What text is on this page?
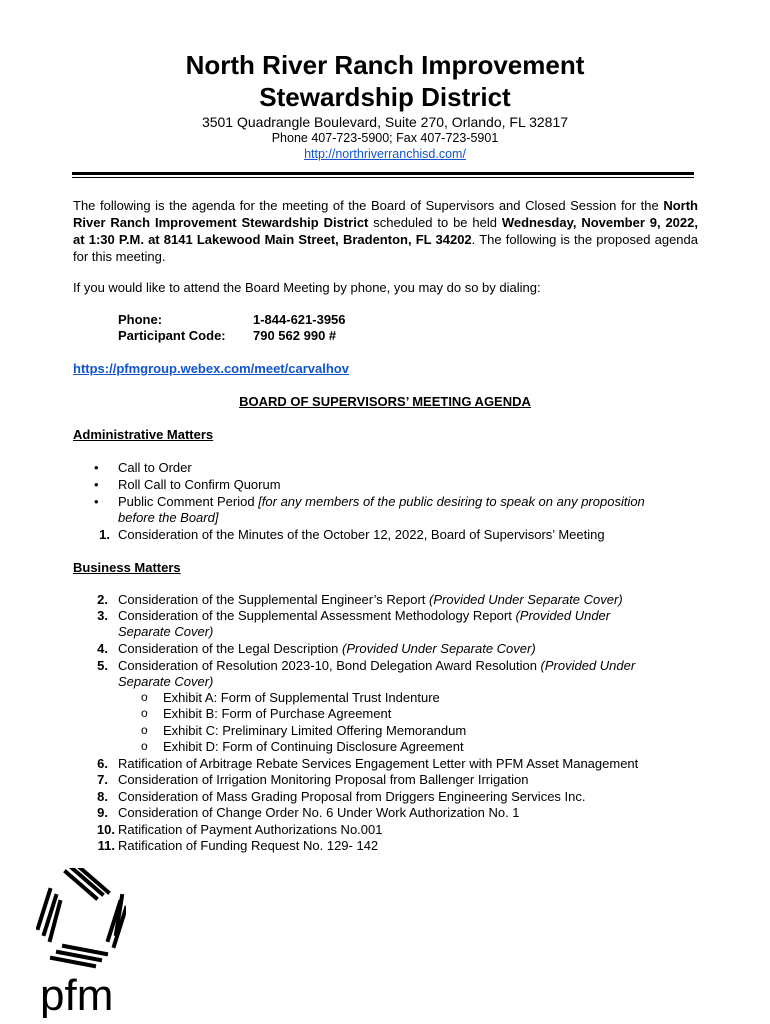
North River Ranch Improvement
Stewardship District
3501 Quadrangle Boulevard, Suite 270, Orlando, FL 32817
Phone 407-723-5900; Fax 407-723-5901
http://northriverranchisd.com/
The following is the agenda for the meeting of the Board of Supervisors and Closed Session for the North River Ranch Improvement Stewardship District scheduled to be held Wednesday, November 9, 2022, at 1:30 P.M. at 8141 Lakewood Main Street, Bradenton, FL 34202. The following is the proposed agenda for this meeting.
If you would like to attend the Board Meeting by phone, you may do so by dialing:
Phone:	1-844-621-3956
Participant Code: 790 562 990 #
https://pfmgroup.webex.com/meet/carvalhov
BOARD OF SUPERVISORS’ MEETING AGENDA
Administrative Matters
• Call to Order
• Roll Call to Confirm Quorum
• Public Comment Period [for any members of the public desiring to speak on any proposition
before the Board]
1. Consideration of the Minutes of the October 12, 2022, Board of Supervisors’ Meeting
Business Matters
2. Consideration of the Supplemental Engineer’s Report (Provided Under Separate Cover)
3. Consideration of the Supplemental Assessment Methodology Report (Provided Under
Separate Cover)
4. Consideration of the Legal Description (Provided Under Separate Cover)
5. Consideration of Resolution 2023-10, Bond Delegation Award Resolution (Provided Under
Separate Cover)
o Exhibit A: Form of Supplemental Trust Indenture
o Exhibit B: Form of Purchase Agreement
o Exhibit C: Preliminary Limited Offering Memorandum
o Exhibit D: Form of Continuing Disclosure Agreement
6. Ratification of Arbitrage Rebate Services Engagement Letter with PFM Asset Management
7. Consideration of Irrigation Monitoring Proposal from Ballenger Irrigation
8. Consideration of Mass Grading Proposal from Driggers Engineering Services Inc.
9. Consideration of Change Order No. 6 Under Work Authorization No. 1
10. Ratification of Payment Authorizations No.001
11. Ratification of Funding Request No. 129- 142
pfm
